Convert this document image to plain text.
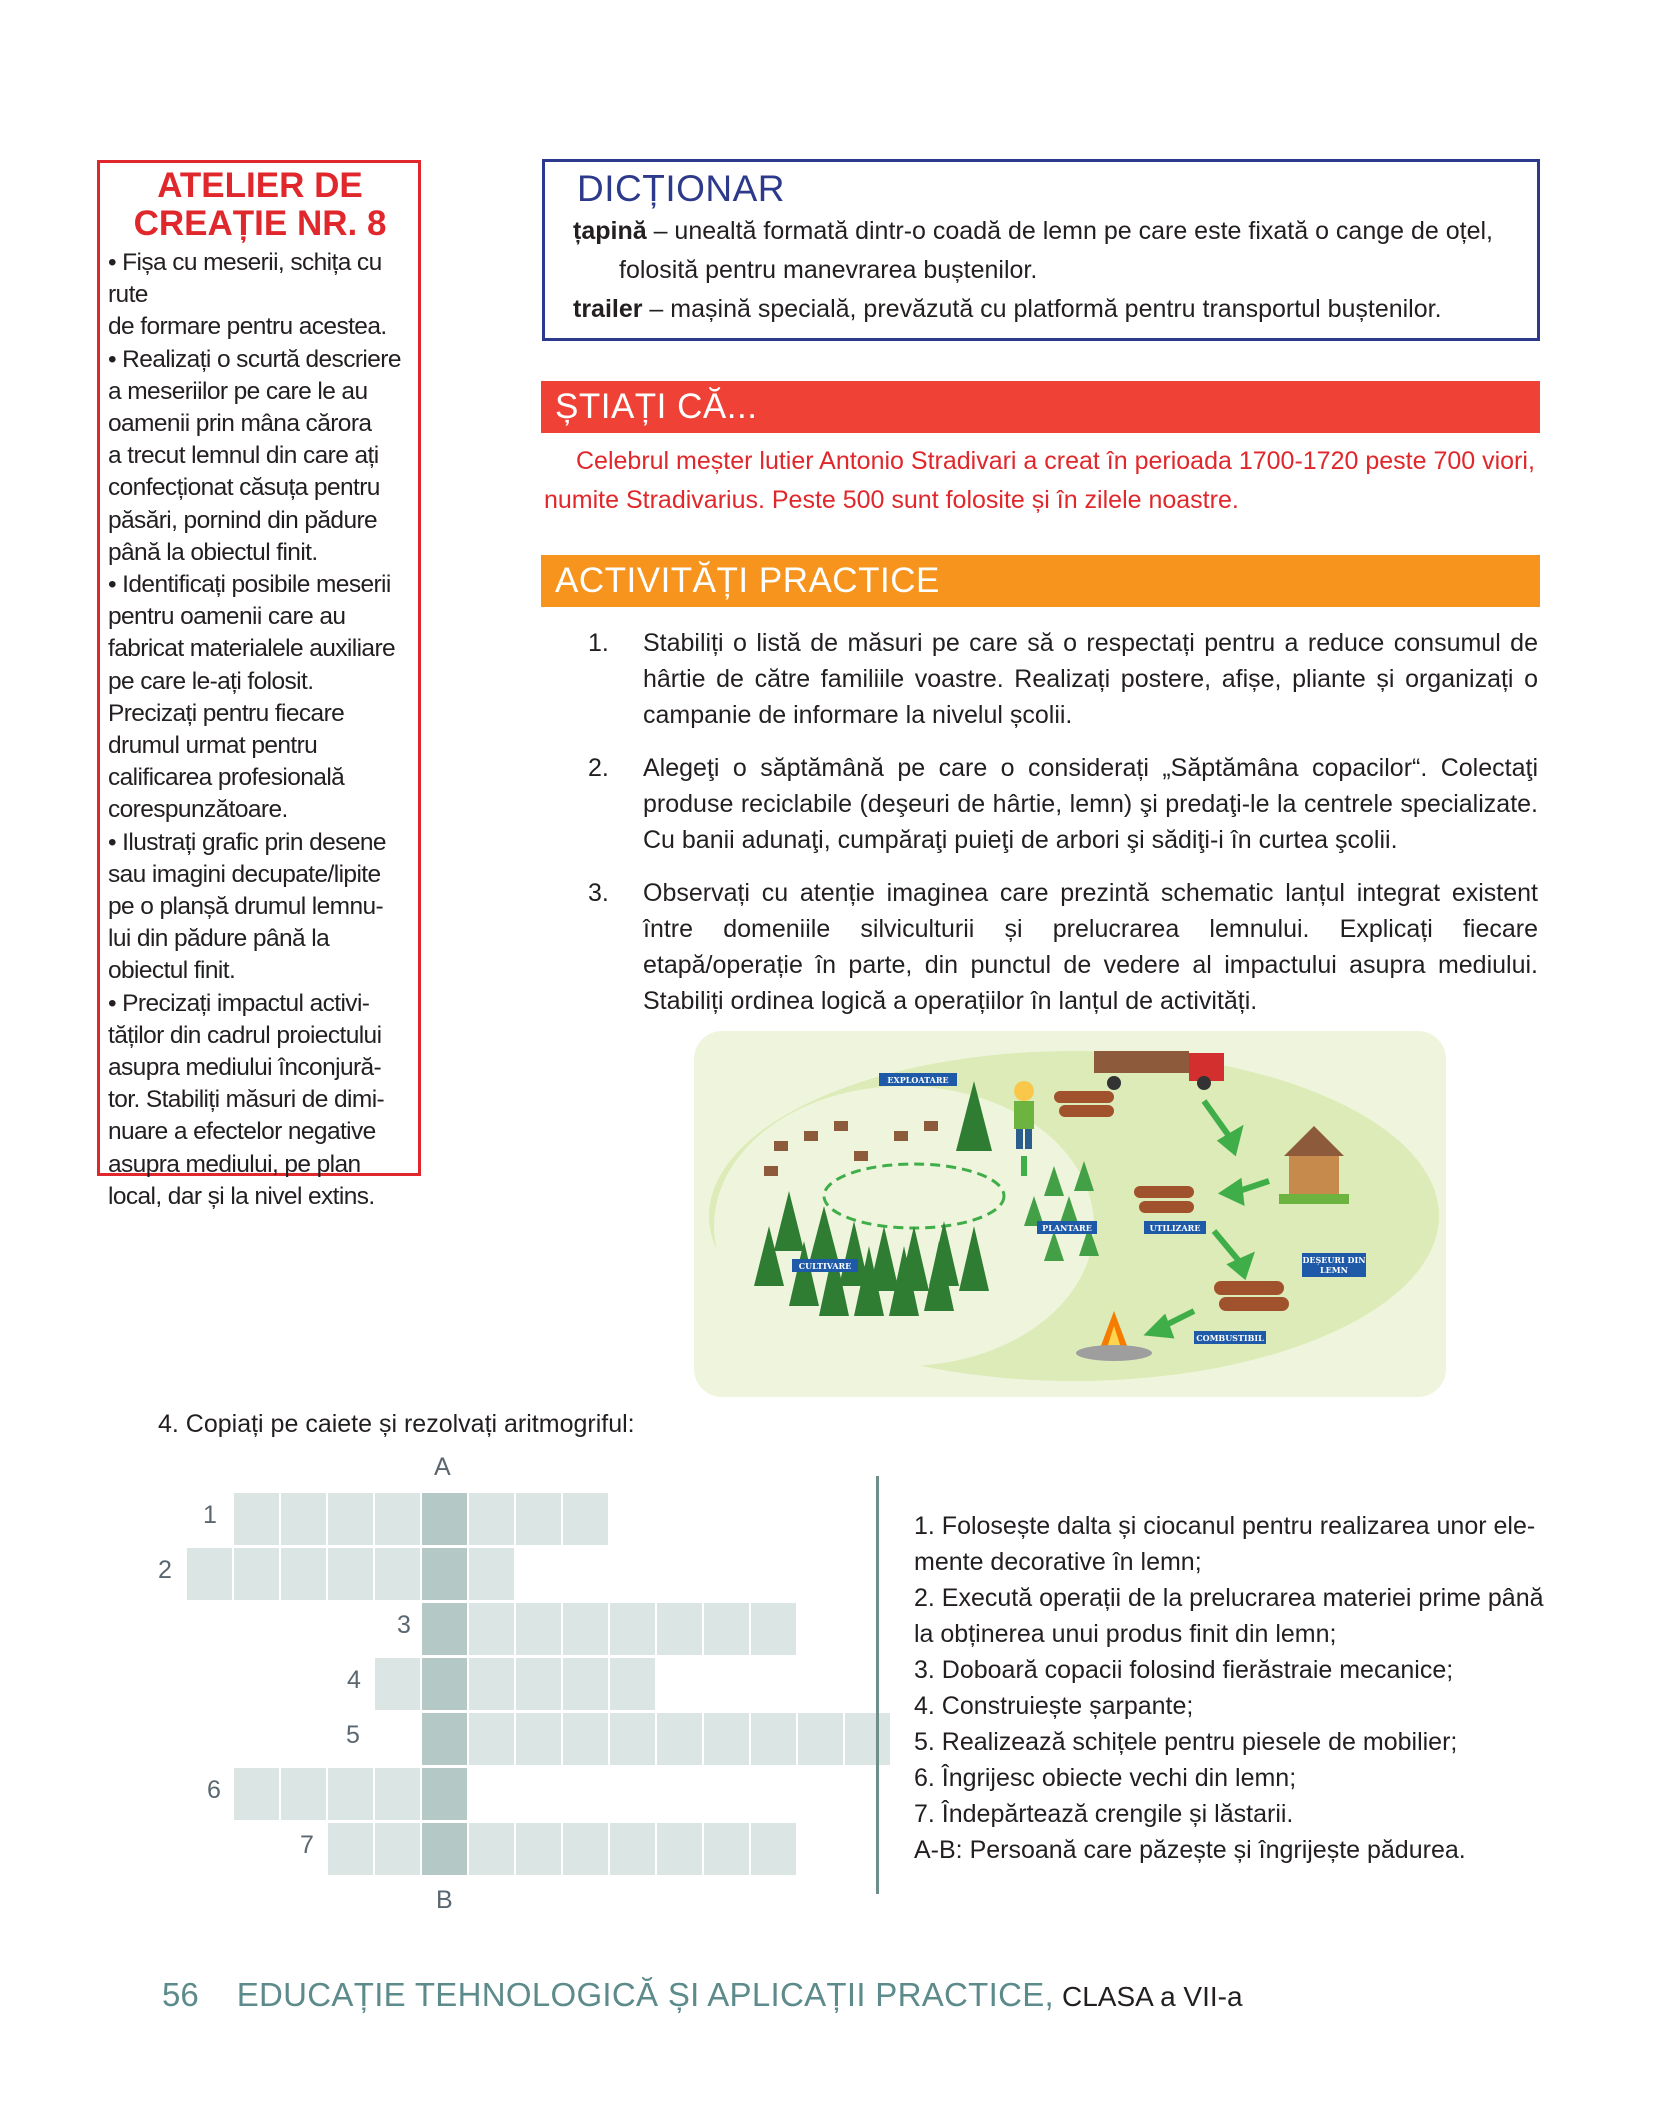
ATELIER DE
CREAȚIE NR. 8
• Fișa cu meserii, schița cu rute
de formare pentru acestea.
• Realizați o scurtă descriere
a meseriilor pe care le au
oamenii prin mâna cărora
a trecut lemnul din care ați
confecționat căsuța pentru
păsări, pornind din pădure
până la obiectul finit.
• Identificați posibile meserii
pentru oamenii care au
fabricat materialele auxiliare
pe care le-ați folosit.
Precizați pentru fiecare
drumul urmat pentru
calificarea profesională
corespunzătoare.
• Ilustrați grafic prin desene
sau imagini decupate/lipite
pe o planșă drumul lemnu-
lui din pădure până la
obiectul finit.
• Precizați impactul activi-
tăților din cadrul proiectului
asupra mediului înconjură-
tor. Stabiliți măsuri de dimi-
nuare a efectelor negative
asupra mediului, pe plan
local, dar și la nivel extins.
DICȚIONAR
țapină – unealtă formată dintr-o coadă de lemn pe care este fixată o cange de oțel,
folosită pentru manevrarea buștenilor.
trailer – mașină specială, prevăzută cu platformă pentru transportul buștenilor.
ȘTIAȚI CĂ...
Celebrul meșter lutier Antonio Stradivari a creat în perioada 1700-1720 peste 700 viori,
numite Stradivarius. Peste 500 sunt folosite și în zilele noastre.
ACTIVITĂȚI PRACTICE
1.	Stabiliți o listă de măsuri pe care să o respectați pentru a reduce consumul de hârtie de către familiile voastre. Realizați postere, afișe, pliante și organizați o campanie de informare la nivelul școlii.
2.	Alegeţi o săptămână pe care o considerați „Săptămâna copacilor“. Colectaţi produse reciclabile (deşeuri de hârtie, lemn) şi predaţi-le la centrele specializate. Cu banii adunaţi, cumpăraţi puieţi de arbori şi sădiţi-i în curtea şcolii.
3.	Observați cu atenție imaginea care prezintă schematic lanțul integrat existent între domeniile silviculturii și prelucrarea lemnului. Explicați fiecare etapă/operație în parte, din punctul de vedere al impactului asupra mediului. Stabiliți ordinea logică a operațiilor în lanțul de activități.
EXPLOATARE
PLANTARE	UTILIZARE
CULTIVARE
DEȘEURI DIN
LEMN
COMBUSTIBIL
4. Copiați pe caiete și rezolvați aritmogriful:
A
B
1
2
3
4
5
6
7
1. Folosește dalta și ciocanul pentru realizarea unor ele-
mente decorative în lemn;
2. Execută operații de la prelucrarea materiei prime până
la obținerea unui produs finit din lemn;
3. Doboară copacii folosind fierăstraie mecanice;
4. Construiește șarpante;
5. Realizează schițele pentru piesele de mobilier;
6. Îngrijesc obiecte vechi din lemn;
7. Îndepărtează crengile și lăstarii.
A-B: Persoană care păzește și îngrijește pădurea.
56 EDUCAȚIE TEHNOLOGICĂ ȘI APLICAȚII PRACTICE, CLASA a VII-a
